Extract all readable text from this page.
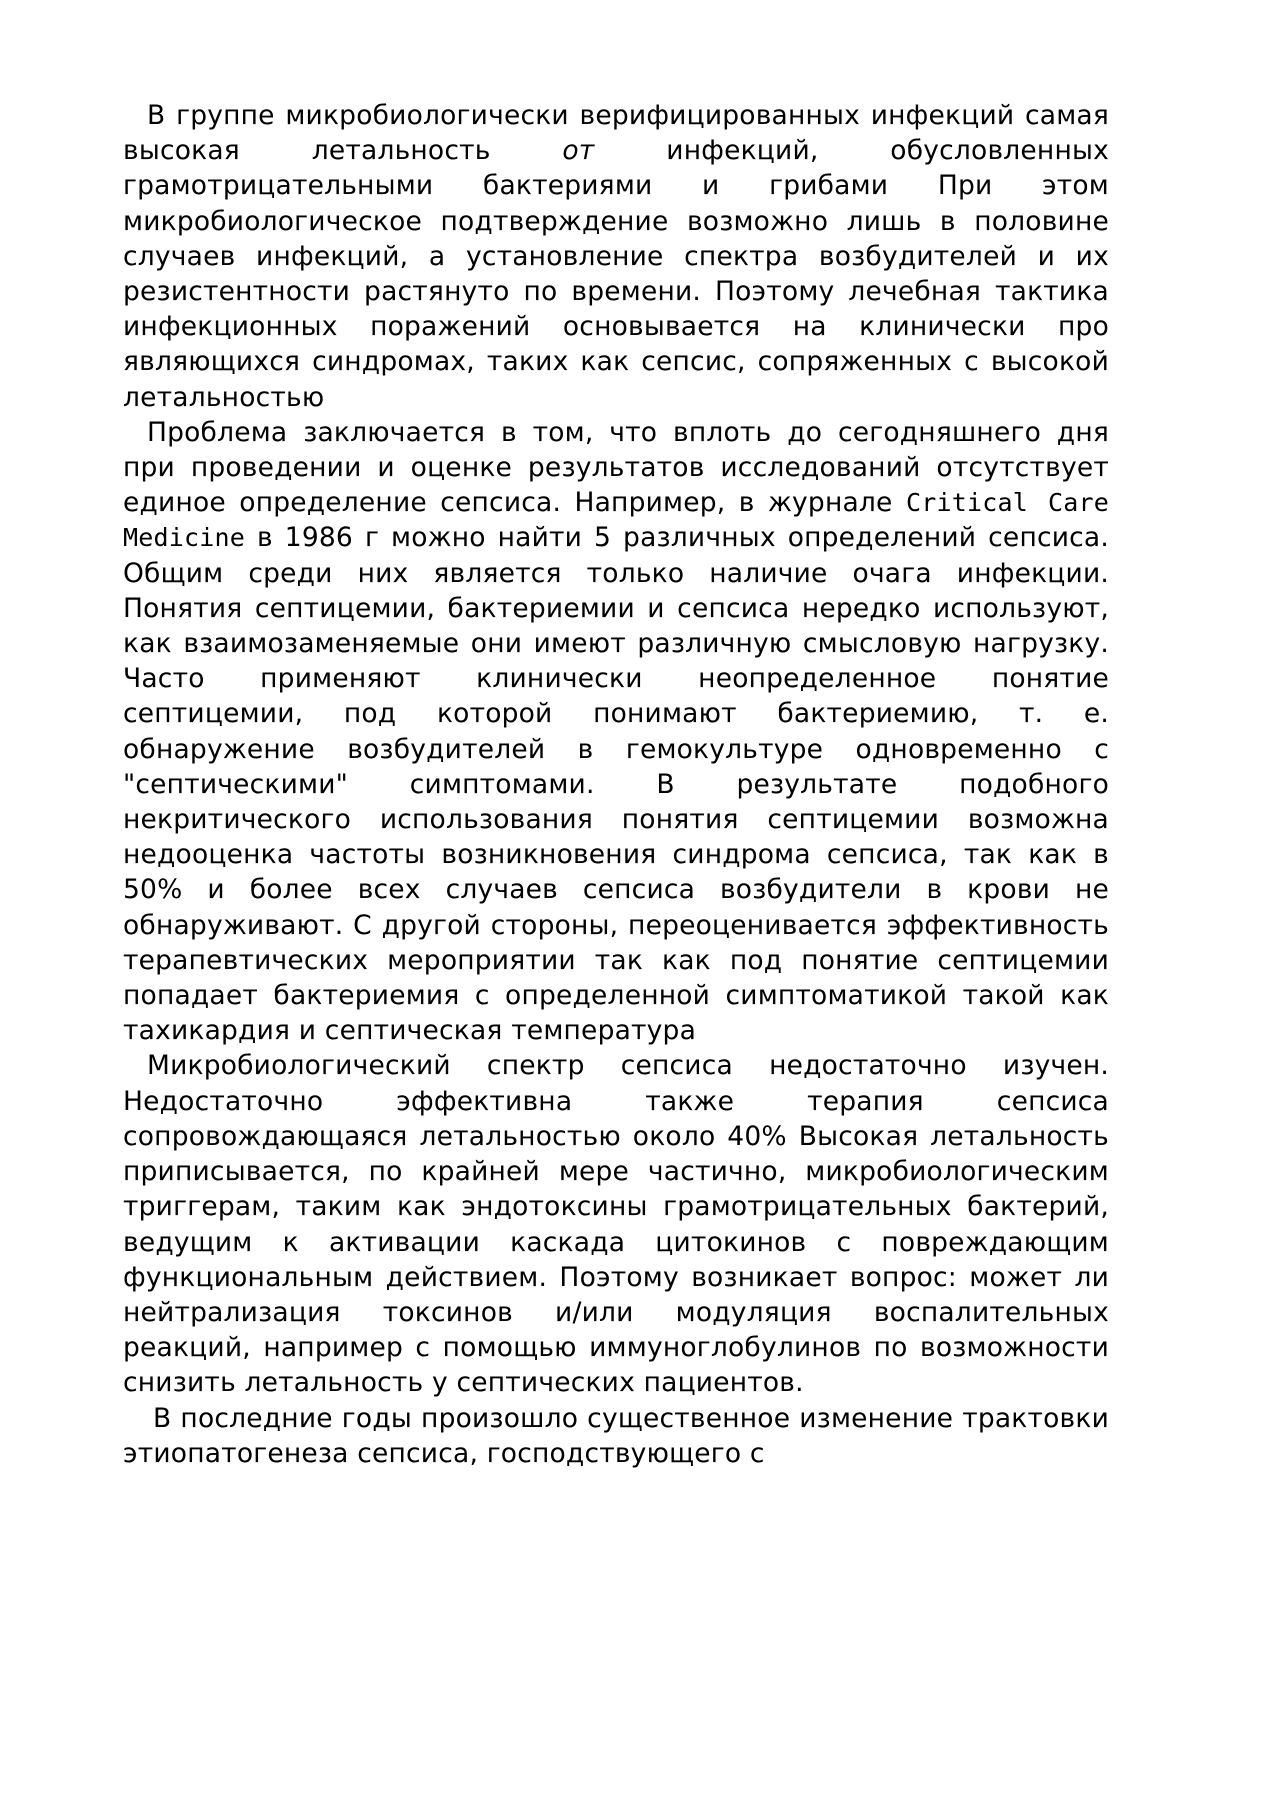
В группе микробиологически верифицированных инфекций самая высокая летальность от инфекций, обусловленных грамотрицательными бактериями и грибами При этом микробиологическое подтверждение возможно лишь в половине случаев инфекций, а установление спектра возбудителей и их резистентности растянуто по времени. Поэтому лечебная тактика инфекционных поражений основывается на клинически про являющихся синдромах, таких как сепсис, сопряженных с высокой летальностью

Проблема заключается в том, что вплоть до сегодняшнего дня при проведении и оценке результатов исследований отсутствует единое определение сепсиса. Например, в журнале Critical Care Medicine в 1986 г можно найти 5 различных определений сепсиса. Общим среди них является только наличие очага инфекции. Понятия септицемии, бактериемии и сепсиса нередко используют, как взаимозаменяемые они имеют различную смысловую нагрузку. Часто применяют клинически неопределенное понятие септицемии, под которой понимают бактериемию, т. е. обнаружение возбудителей в гемокультуре одновременно с "септическими" симптомами. В результате подобного некритического использования понятия септицемии возможна недооценка частоты возникновения синдрома сепсиса, так как в 50% и более всех случаев сепсиса возбудители в крови не обнаруживают. С другой стороны, переоценивается эффективность терапевтических мероприятии так как под понятие септицемии попадает бактериемия с определенной симптоматикой такой как тахикардия и септическая температура

Микробиологический спектр сепсиса недостаточно изучен. Недостаточно эффективна также терапия сепсиса сопровождающаяся летальностью около 40% Высокая летальность приписывается, по крайней мере частично, микробиологическим триггерам, таким как эндотоксины грамотрицательных бактерий, ведущим к активации каскада цитокинов с повреждающим функциональным действием. Поэтому возникает вопрос: может ли нейтрализация токсинов и/или модуляция воспалительных реакций, например с помощью иммуноглобулинов по возможности снизить летальность у септических пациентов.

В последние годы произошло существенное изменение трактовки этиопатогенеза сепсиса, господствующего с
